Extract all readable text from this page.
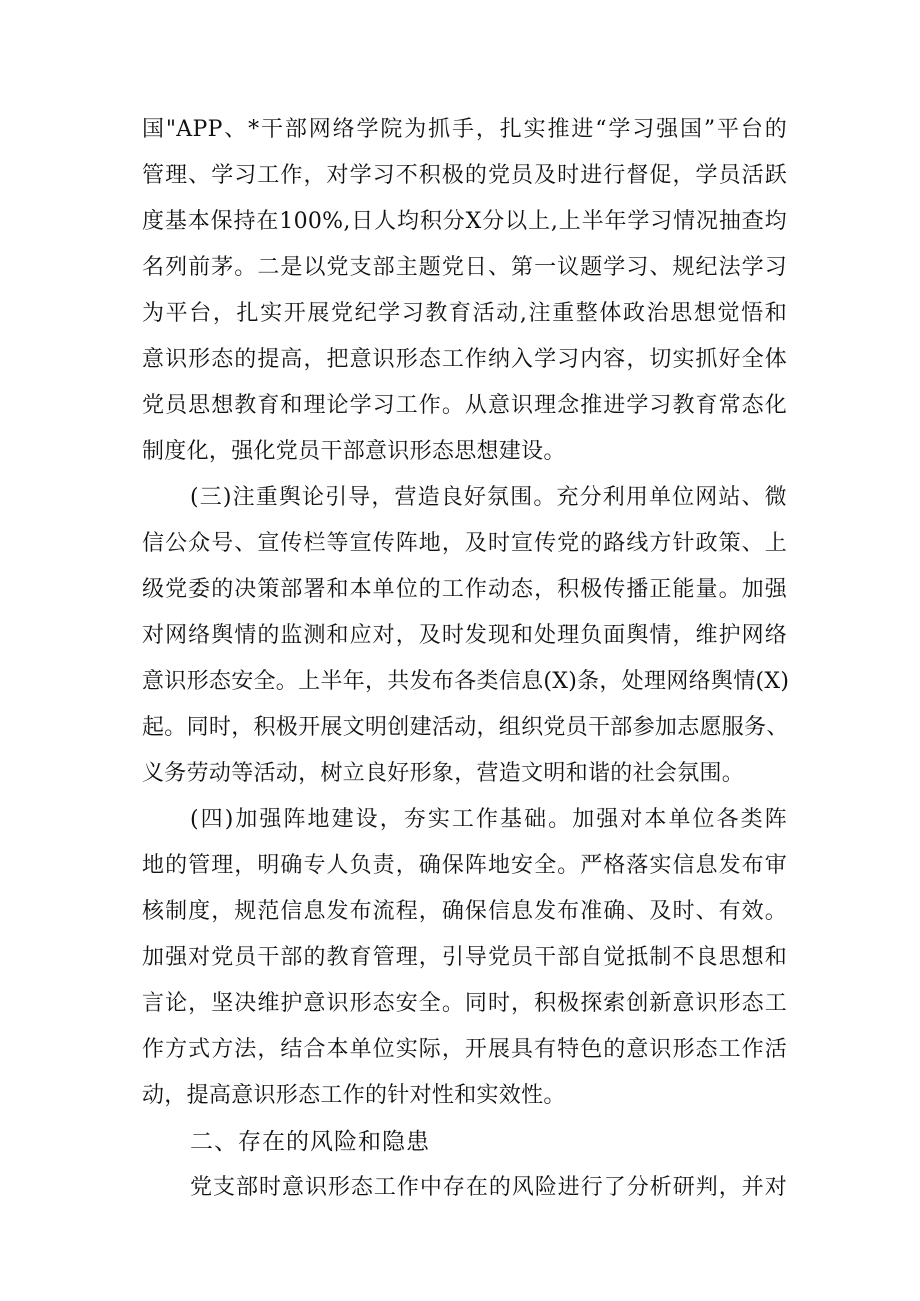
国"APP、*干部网络学院为抓手，扎实推进“学习强国”平台的
管理、学习工作，对学习不积极的党员及时进行督促，学员活跃
度基本保持在100%,日人均积分X分以上,上半年学习情况抽查均
名列前茅。二是以党支部主题党日、第一议题学习、规纪法学习
为平台，扎实开展党纪学习教育活动,注重整体政治思想觉悟和
意识形态的提高，把意识形态工作纳入学习内容，切实抓好全体
党员思想教育和理论学习工作。从意识理念推进学习教育常态化
制度化，强化党员干部意识形态思想建设。
(三)注重舆论引导，营造良好氛围。充分利用单位网站、微
信公众号、宣传栏等宣传阵地，及时宣传党的路线方针政策、上
级党委的决策部署和本单位的工作动态，积极传播正能量。加强
对网络舆情的监测和应对，及时发现和处理负面舆情，维护网络
意识形态安全。上半年，共发布各类信息(X)条，处理网络舆情(X)
起。同时，积极开展文明创建活动，组织党员干部参加志愿服务、
义务劳动等活动，树立良好形象，营造文明和谐的社会氛围。
(四)加强阵地建设，夯实工作基础。加强对本单位各类阵
地的管理，明确专人负责，确保阵地安全。严格落实信息发布审
核制度，规范信息发布流程，确保信息发布准确、及时、有效。
加强对党员干部的教育管理，引导党员干部自觉抵制不良思想和
言论，坚决维护意识形态安全。同时，积极探索创新意识形态工
作方式方法，结合本单位实际，开展具有特色的意识形态工作活
动，提高意识形态工作的针对性和实效性。
二、存在的风险和隐患
党支部时意识形态工作中存在的风险进行了分析研判，并对
